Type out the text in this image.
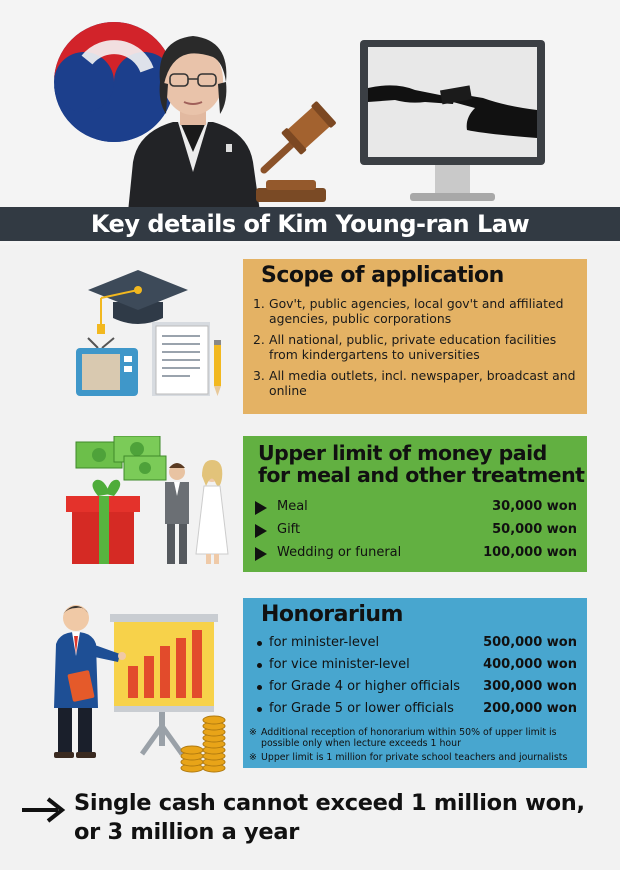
Key details of Kim Young-ran Law
Scope of application
1. Gov't, public agencies, local gov't and affiliated agencies, public corporations
2. All national, public, private education facilities from kindergartens to universities
3. All media outlets, incl. newspaper, broadcast and online
Upper limit of money paid
for meal and other treatment
Meal	30,000 won
Gift	50,000 won
Wedding or funeral	100,000 won
Honorarium
for minister-level	500,000 won
for vice minister-level	400,000 won
for Grade 4 or higher officials 300,000 won
for Grade 5 or lower officials 200,000 won
※ Additional reception of honorarium within 50% of upper limit is possible only when lecture exceeds 1 hour
※ Upper limit is 1 million for private school teachers and journalists
Single cash cannot exceed 1 million won,
or 3 million a year
